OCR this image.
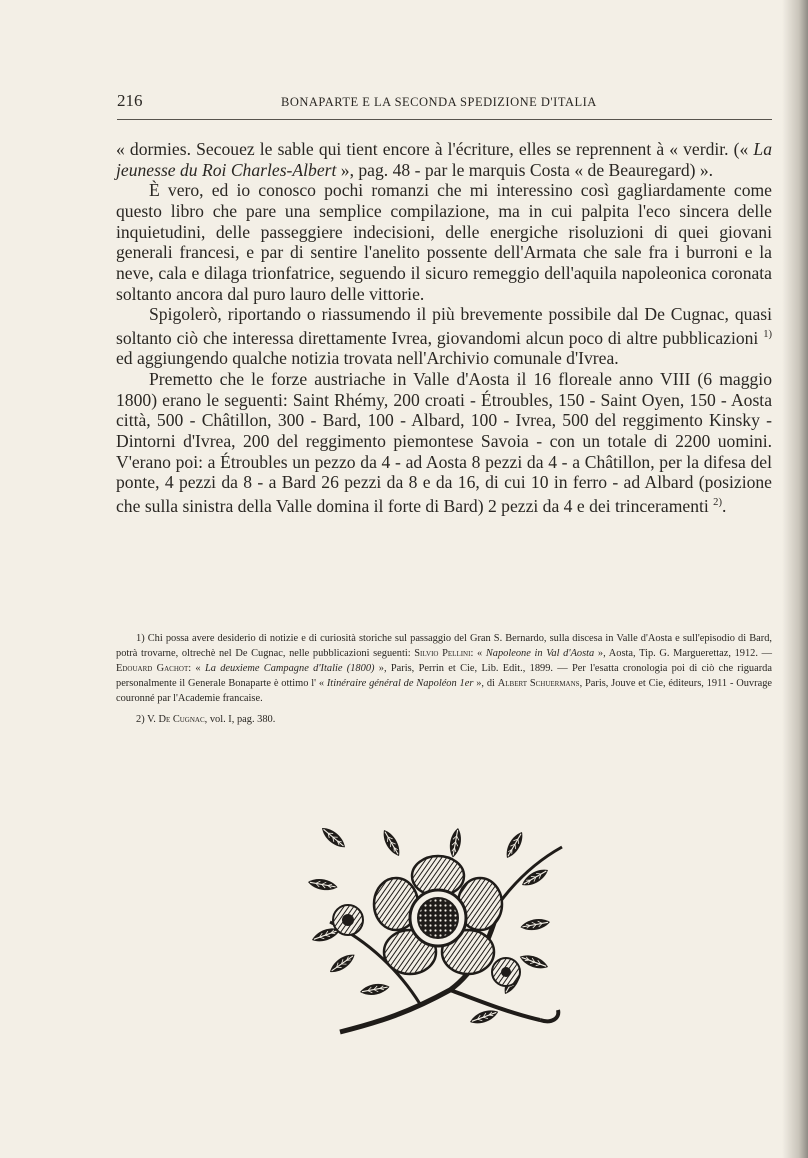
216	BONAPARTE E LA SECONDA SPEDIZIONE D'ITALIA

« dormies. Secouez le sable qui tient encore à l'écriture, elles se reprennent à « verdir. (« La jeunesse du Roi Charles-Albert », pag. 48 - par le marquis Costa « de Beauregard) ».

È vero, ed io conosco pochi romanzi che mi interessino così gagliardamente come questo libro che pare una semplice compilazione, ma in cui palpita l'eco sincera delle inquietudini, delle passeggiere indecisioni, delle energiche risoluzioni di quei giovani generali francesi, e par di sentire l'anelito possente dell'Armata che sale fra i burroni e la neve, cala e dilaga trionfatrice, seguendo il sicuro remeggio dell'aquila napoleonica coronata soltanto ancora dal puro lauro delle vittorie.

Spigolerò, riportando o riassumendo il più brevemente possibile dal De Cugnac, quasi soltanto ciò che interessa direttamente Ivrea, giovandomi alcun poco di altre pubblicazioni $^{1)}$ ed aggiungendo qualche notizia trovata nell'Archivio comunale d'Ivrea.

Premetto che le forze austriache in Valle d'Aosta il 16 floreale anno VIII (6 maggio 1800) erano le seguenti: Saint Rhémy, 200 croati - Étroubles, 150 - Saint Oyen, 150 - Aosta città, 500 - Châtillon, 300 - Bard, 100 - Albard, 100 - Ivrea, 500 del reggimento Kinsky - Dintorni d'Ivrea, 200 del reggimento piemontese Savoia - con un totale di 2200 uomini. V'erano poi: a Étroubles un pezzo da 4 - ad Aosta 8 pezzi da 4 - a Châtillon, per la difesa del ponte, 4 pezzi da 8 - a Bard 26 pezzi da 8 e da 16, di cui 10 in ferro - ad Albard (posizione che sulla sinistra della Valle domina il forte di Bard) 2 pezzi da 4 e dei trinceramenti $^{2)}$.

1) Chi possa avere desiderio di notizie e di curiosità storiche sul passaggio del Gran S. Bernardo, sulla discesa in Valle d'Aosta e sull'episodio di Bard, potrà trovarne, oltrechè nel De Cugnac, nelle pubblicazioni seguenti: Silvio Pellini: « Napoleone in Val d'Aosta », Aosta, Tip. G. Marguerettaz, 1912. — Edouard Gachot: « La deuxieme Campagne d'Italie (1800) », Paris, Perrin et Cie, Lib. Edit., 1899. — Per l'esatta cronologia poi di ciò che riguarda personalmente il Generale Bonaparte è ottimo l' « Itinéraire général de Napoléon 1er », di Albert Schuermans, Paris, Jouve et Cie, éditeurs, 1911 - Ouvrage couronné par l'Academie francaise.

2) V. De Cugnac, vol. I, pag. 380.
